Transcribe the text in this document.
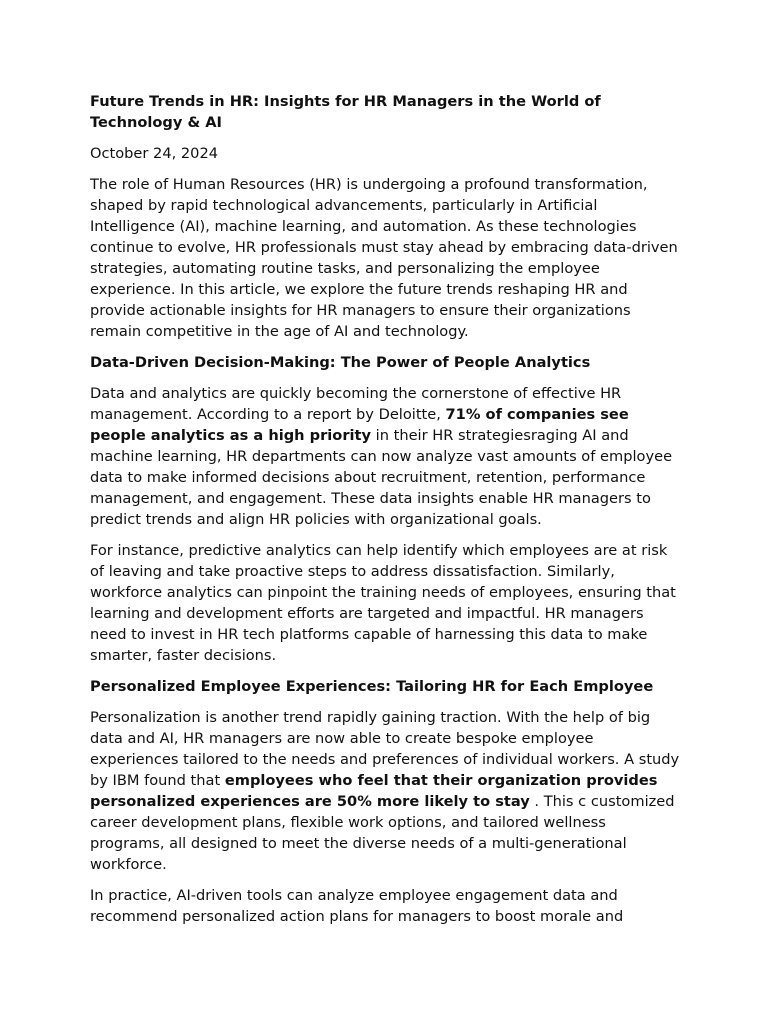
Future Trends in HR: Insights for HR Managers in the World of Technology & AI
October 24, 2024

The role of Human Resources (HR) is undergoing a profound transformation, shaped by rapid technological advancements, particularly in Artificial Intelligence (AI), machine learning, and automation. As these technologies continue to evolve, HR professionals must stay ahead by embracing data-driven strategies, automating routine tasks, and personalizing the employee experience. In this article, we explore the future trends reshaping HR and provide actionable insights for HR managers to ensure their organizations remain competitive in the age of AI and technology.

Data-Driven Decision-Making: The Power of People Analytics

Data and analytics are quickly becoming the cornerstone of effective HR management. According to a report by Deloitte, 71% of companies see people analytics as a high priority in their HR strategiesraging AI and machine learning, HR departments can now analyze vast amounts of employee data to make informed decisions about recruitment, retention, performance management, and engagement. These data insights enable HR managers to predict trends and align HR policies with organizational goals.

For instance, predictive analytics can help identify which employees are at risk of leaving and take proactive steps to address dissatisfaction. Similarly, workforce analytics can pinpoint the training needs of employees, ensuring that learning and development efforts are targeted and impactful. HR managers need to invest in HR tech platforms capable of harnessing this data to make smarter, faster decisions.

Personalized Employee Experiences: Tailoring HR for Each Employee

Personalization is another trend rapidly gaining traction. With the help of big data and AI, HR managers are now able to create bespoke employee experiences tailored to the needs and preferences of individual workers. A study by IBM found that employees who feel that their organization provides personalized experiences are 50% more likely to stay . This c customized career development plans, flexible work options, and tailored wellness programs, all designed to meet the diverse needs of a multi-generational workforce.

In practice, AI-driven tools can analyze employee engagement data and recommend personalized action plans for managers to boost morale and
